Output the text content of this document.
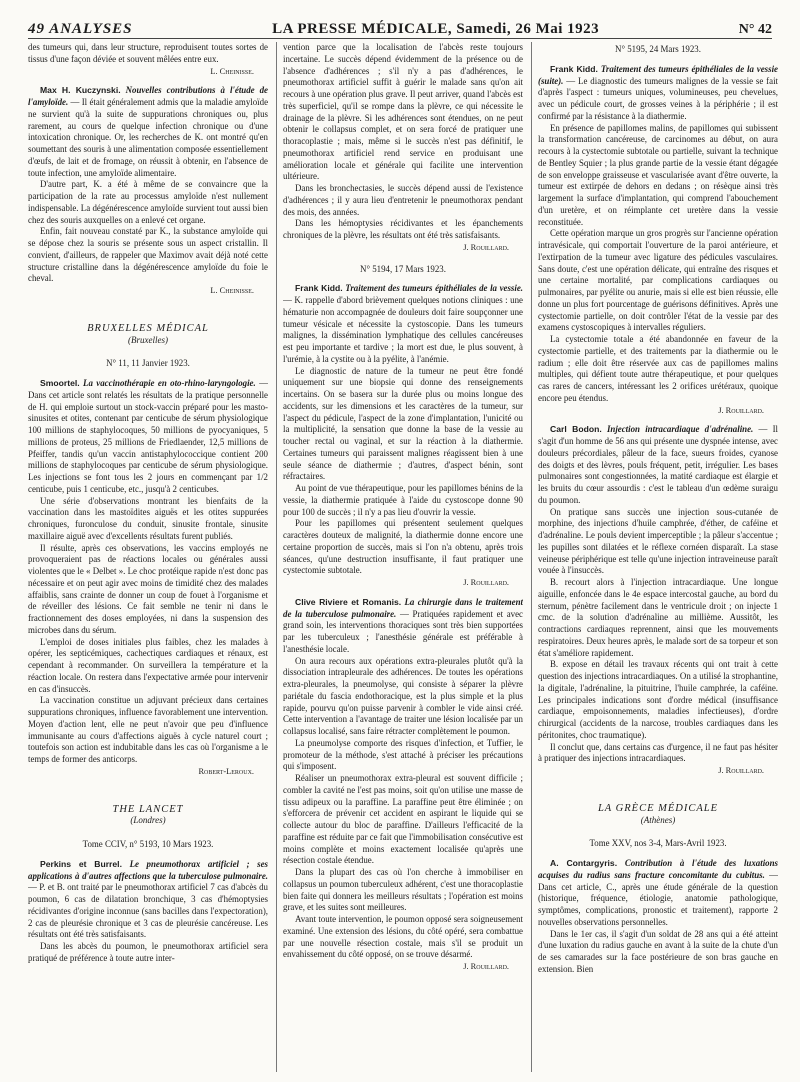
49 ANALYSES	LA PRESSE MÉDICALE, Samedi, 26 Mai 1923	N° 42

des tumeurs qui, dans leur structure, reproduisent toutes sortes de tissus d'une façon déviée et souvent mêlées entre eux.

L. Cheinisse.

Max H. Kuczynski. Nouvelles contributions à l'étude de l'amyloïde. — Il était généralement admis que la maladie amyloïde ne survient qu'à la suite de suppurations chroniques ou, plus rarement, au cours de quelque infection chronique ou d'une intoxication chronique. Or, les recherches de K. ont montré qu'en soumettant des souris à une alimentation composée essentiellement d'œufs, de lait et de fromage, on réussit à obtenir, en l'absence de toute infection, une amyloïde alimentaire.

D'autre part, K. a été à même de se convaincre que la participation de la rate au processus amyloïde n'est nullement indispensable. La dégénérescence amyloïde survient tout aussi bien chez des souris auxquelles on a enlevé cet organe.

Enfin, fait nouveau constaté par K., la substance amyloïde qui se dépose chez la souris se présente sous un aspect cristallin. Il convient, d'ailleurs, de rappeler que Maximov avait déjà noté cette structure cristalline dans la dégénérescence amyloïde du foie le cheval.

L. Cheinisse.

BRUXELLES MÉDICAL
(Bruxelles)
N° 11, 11 Janvier 1923.

Smoortel. La vaccinothérapie en oto-rhino-laryngologie. — Dans cet article sont relatés les résultats de la pratique personnelle de H. qui emploie surtout un stock-vaccin préparé pour les masto-sinusites et otites, contenant par centicube de sérum physiologique 100 millions de staphylocoques, 50 millions de pyocyaniques, 5 millions de proteus, 25 millions de Friedlaender, 12,5 millions de Pfeiffer, tandis qu'un vaccin antistaphylococcique contient 200 millions de staphylocoques par centicube de sérum physiologique. Les injections se font tous les 2 jours en commençant par 1/2 centicube, puis 1 centicube, etc., jusqu'à 2 centicubes.

Une série d'observations montrant les bienfaits de la vaccination dans les mastoïdites aiguës et les otites suppurées chroniques, furonculose du conduit, sinusite frontale, sinusite maxillaire aiguë avec d'excellents résultats furent publiés.

Il résulte, après ces observations, les vaccins employés ne provoqueraient pas de réactions locales ou générales aussi violentes que le « Delbet ». Le choc protéique rapide n'est donc pas nécessaire et on peut agir avec moins de timidité chez des malades affaiblis, sans crainte de donner un coup de fouet à l'organisme et de réveiller des lésions. Ce fait semble ne tenir ni dans le fractionnement des doses employées, ni dans la suspension des microbes dans du sérum.

L'emploi de doses initiales plus faibles, chez les malades à opérer, les septicémiques, cachectiques cardiaques et rénaux, est cependant à recommander. On surveillera la température et la réaction locale. On restera dans l'expectative armée pour intervenir en cas d'insuccès.

La vaccination constitue un adjuvant précieux dans certaines suppurations chroniques, influence favorablement une intervention. Moyen d'action lent, elle ne peut n'avoir que peu d'influence immunisante au cours d'affections aiguës à cycle naturel court ; toutefois son action est indubitable dans les cas où l'organisme a le temps de former des anticorps.

Robert-Leroux.

THE LANCET
(Londres)
Tome CCIV, n° 5193, 10 Mars 1923.

Perkins et Burrel. Le pneumothorax artificiel ; ses applications à d'autres affections que la tuberculose pulmonaire. — P. et B. ont traité par le pneumothorax artificiel 7 cas d'abcès du poumon, 6 cas de dilatation bronchique, 3 cas d'hémoptysies récidivantes d'origine inconnue (sans bacilles dans l'expectoration), 2 cas de pleurésie chronique et 3 cas de pleurésie cancéreuse. Les résultats ont été très satisfaisants.

Dans les abcès du poumon, le pneumothorax artificiel sera pratiqué de préférence à toute autre inter-

vention parce que la localisation de l'abcès reste toujours incertaine. Le succès dépend évidemment de la présence ou de l'absence d'adhérences ; s'il n'y a pas d'adhérences, le pneumothorax artificiel suffit à guérir le malade sans qu'on ait recours à une opération plus grave. Il peut arriver, quand l'abcès est très superficiel, qu'il se rompe dans la plèvre, ce qui nécessite le drainage de la plèvre. Si les adhérences sont étendues, on ne peut obtenir le collapsus complet, et on sera forcé de pratiquer une thoracoplastie ; mais, même si le succès n'est pas définitif, le pneumothorax artificiel rend service en produisant une amélioration locale et générale qui facilite une intervention ultérieure.

Dans les bronchectasies, le succès dépend aussi de l'existence d'adhérences ; il y aura lieu d'entretenir le pneumothorax pendant des mois, des années.

Dans les hémoptysies récidivantes et les épanchements chroniques de la plèvre, les résultats ont été très satisfaisants.

J. Rouillard.

N° 5194, 17 Mars 1923.

Frank Kidd. Traitement des tumeurs épithéliales de la vessie. — K. rappelle d'abord brièvement quelques notions cliniques : une hématurie non accompagnée de douleurs doit faire soupçonner une tumeur vésicale et nécessite la cystoscopie. Dans les tumeurs malignes, la dissémination lymphatique des cellules cancéreuses est peu importante et tardive ; la mort est due, le plus souvent, à l'urémie, à la cystite ou à la pyélite, à l'anémie.

Le diagnostic de nature de la tumeur ne peut être fondé uniquement sur une biopsie qui donne des renseignements incertains. On se basera sur la durée plus ou moins longue des accidents, sur les dimensions et les caractères de la tumeur, sur l'aspect du pédicule, l'aspect de la zone d'implantation, l'unicité ou la multiplicité, la sensation que donne la base de la vessie au toucher rectal ou vaginal, et sur la réaction à la diathermie. Certaines tumeurs qui paraissent malignes réagissent bien à une seule séance de diathermie ; d'autres, d'aspect bénin, sont réfractaires.

Au point de vue thérapeutique, pour les papillomes bénins de la vessie, la diathermie pratiquée à l'aide du cystoscope donne 90 pour 100 de succès ; il n'y a pas lieu d'ouvrir la vessie.

Pour les papillomes qui présentent seulement quelques caractères douteux de malignité, la diathermie donne encore une certaine proportion de succès, mais si l'on n'a obtenu, après trois séances, qu'une destruction insuffisante, il faut pratiquer une cystectomie subtotale.

J. Rouillard.

Clive Riviere et Romanis. La chirurgie dans le traitement de la tuberculose pulmonaire. — Pratiquées rapidement et avec grand soin, les interventions thoraciques sont très bien supportées par les tuberculeux ; l'anesthésie générale est préférable à l'anesthésie locale.

On aura recours aux opérations extra-pleurales plutôt qu'à la dissociation intrapleurale des adhérences. De toutes les opérations extra-pleurales, la pneumolyse, qui consiste à séparer la plèvre pariétale du fascia endothoracique, est la plus simple et la plus rapide, pourvu qu'on puisse parvenir à combler le vide ainsi créé. Cette intervention a l'avantage de traiter une lésion localisée par un collapsus localisé, sans faire rétracter complètement le poumon.

La pneumolyse comporte des risques d'infection, et Tuffier, le promoteur de la méthode, s'est attaché à préciser les précautions qui s'imposent.

Réaliser un pneumothorax extra-pleural est souvent difficile ; combler la cavité ne l'est pas moins, soit qu'on utilise une masse de tissu adipeux ou la paraffine. La paraffine peut être éliminée ; on s'efforcera de prévenir cet accident en aspirant le liquide qui se collecte autour du bloc de paraffine. D'ailleurs l'efficacité de la paraffine est réduite par ce fait que l'immobilisation consécutive est moins complète et moins exactement localisée qu'après une résection costale étendue.

Dans la plupart des cas où l'on cherche à immobiliser en collapsus un poumon tuberculeux adhérent, c'est une thoracoplastie bien faite qui donnera les meilleurs résultats ; l'opération est moins grave, et les suites sont meilleures.

Avant toute intervention, le poumon opposé sera soigneusement examiné. Une extension des lésions, du côté opéré, sera combattue par une nouvelle résection costale, mais s'il se produit un envahissement du côté opposé, on se trouve désarmé.

J. Rouillard.

N° 5195, 24 Mars 1923.

Frank Kidd. Traitement des tumeurs épithéliales de la vessie (suite). — Le diagnostic des tumeurs malignes de la vessie se fait d'après l'aspect : tumeurs uniques, volumineuses, peu chevelues, avec un pédicule court, de grosses veines à la périphérie ; il est confirmé par la résistance à la diathermie.

En présence de papillomes malins, de papillomes qui subissent la transformation cancéreuse, de carcinomes au début, on aura recours à la cystectomie subtotale ou partielle, suivant la technique de Bentley Squier ; la plus grande partie de la vessie étant dégagée de son enveloppe graisseuse et vascularisée avant d'être ouverte, la tumeur est extirpée de dehors en dedans ; on résèque ainsi très largement la surface d'implantation, qui comprend l'abouchement d'un uretère, et on réimplante cet uretère dans la vessie reconstituée.

Cette opération marque un gros progrès sur l'ancienne opération intravésicale, qui comportait l'ouverture de la paroi antérieure, et l'extirpation de la tumeur avec ligature des pédicules vasculaires. Sans doute, c'est une opération délicate, qui entraîne des risques et une certaine mortalité, par complications cardiaques ou pulmonaires, par pyélite ou anurie, mais si elle est bien réussie, elle donne un plus fort pourcentage de guérisons définitives. Après une cystectomie partielle, on doit contrôler l'état de la vessie par des examens cystoscopiques à intervalles réguliers.

La cystectomie totale a été abandonnée en faveur de la cystectomie partielle, et des traitements par la diathermie ou le radium ; elle doit être réservée aux cas de papillomes malins multiples, qui défient toute autre thérapeutique, et pour quelques cas rares de cancers, intéressant les 2 orifices urétéraux, quoique encore peu étendus.

J. Rouillard.

Carl Bodon. Injection intracardiaque d'adrénaline. — Il s'agit d'un homme de 56 ans qui présente une dyspnée intense, avec douleurs précordiales, pâleur de la face, sueurs froides, cyanose des doigts et des lèvres, pouls fréquent, petit, irrégulier. Les bases pulmonaires sont congestionnées, la matité cardiaque est élargie et les bruits du cœur assourdis : c'est le tableau d'un œdème suraigu du poumon.

On pratique sans succès une injection sous-cutanée de morphine, des injections d'huile camphrée, d'éther, de caféine et d'adrénaline. Le pouls devient imperceptible ; la pâleur s'accentue ; les pupilles sont dilatées et le réflexe cornéen disparaît. La stase veineuse périphérique est telle qu'une injection intraveineuse paraît vouée à l'insuccès.

B. recourt alors à l'injection intracardiaque. Une longue aiguille, enfoncée dans le 4e espace intercostal gauche, au bord du sternum, pénètre facilement dans le ventricule droit ; on injecte 1 cmc. de la solution d'adrénaline au millième. Aussitôt, les contractions cardiaques reprennent, ainsi que les mouvements respiratoires. Deux heures après, le malade sort de sa torpeur et son état s'améliore rapidement.

B. expose en détail les travaux récents qui ont trait à cette question des injections intracardiaques. On a utilisé la strophantine, la digitale, l'adrénaline, la pituitrine, l'huile camphrée, la caféine. Les principales indications sont d'ordre médical (insuffisance cardiaque, empoisonnements, maladies infectieuses), d'ordre chirurgical (accidents de la narcose, troubles cardiaques dans les péritonites, choc traumatique).

Il conclut que, dans certains cas d'urgence, il ne faut pas hésiter à pratiquer des injections intracardiaques.

J. Rouillard.

LA GRÈCE MÉDICALE
(Athènes)
Tome XXV, nos 3-4, Mars-Avril 1923.

A. Contargyris. Contribution à l'étude des luxations acquises du radius sans fracture concomitante du cubitus. — Dans cet article, C., après une étude générale de la question (historique, fréquence, étiologie, anatomie pathologique, symptômes, complications, pronostic et traitement), rapporte 2 nouvelles observations personnelles.

Dans le 1er cas, il s'agit d'un soldat de 28 ans qui a été atteint d'une luxation du radius gauche en avant à la suite de la chute d'un de ses camarades sur la face postérieure de son bras gauche en extension. Bien
